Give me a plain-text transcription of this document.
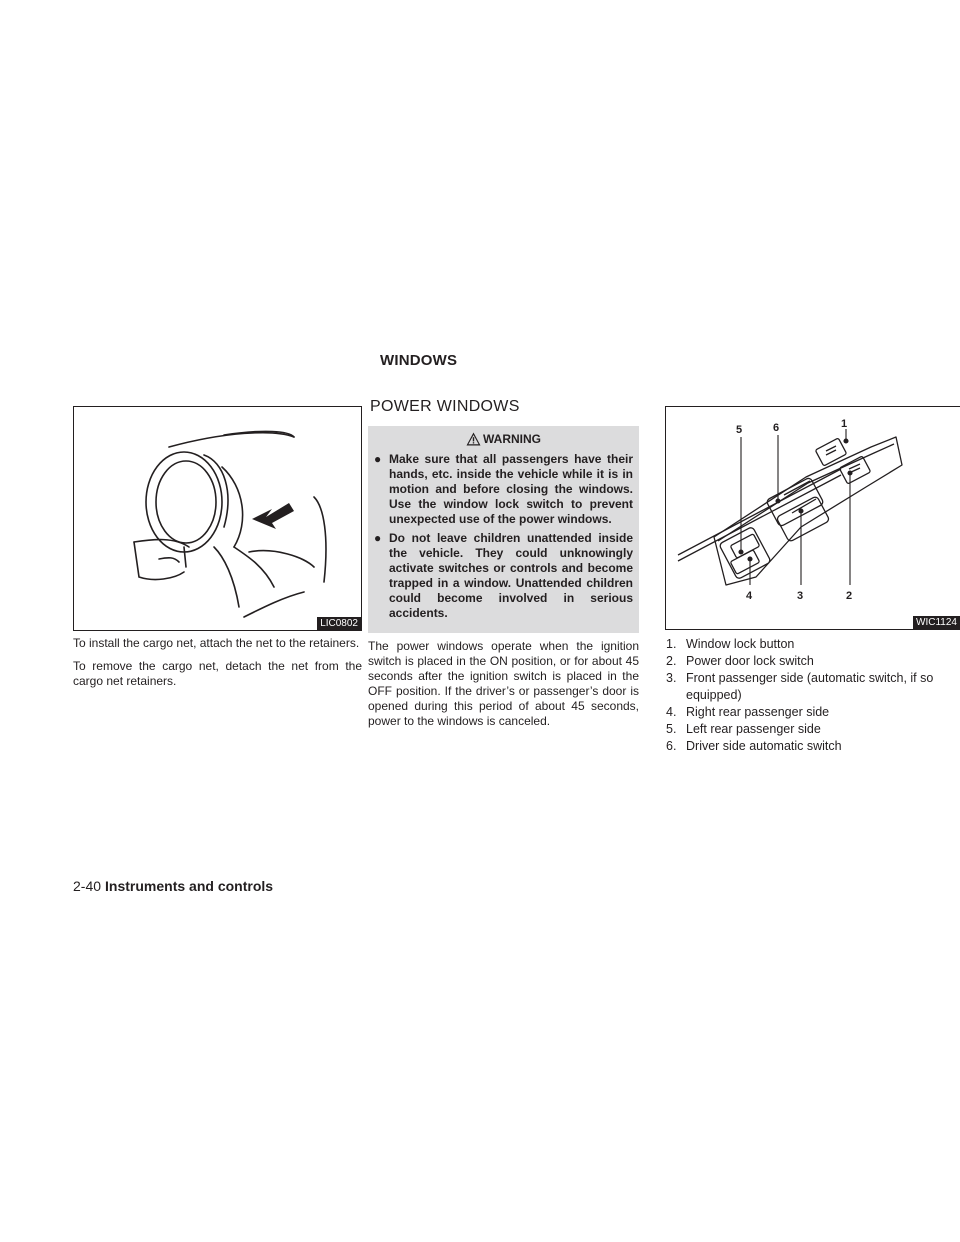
WINDOWS
LIC0802

To install the cargo net, attach the net to the retainers.

To remove the cargo net, detach the net from the cargo net retainers.

POWER WINDOWS
WARNING
● Make sure that all passengers have their hands, etc. inside the vehicle while it is in motion and before closing the windows. Use the window lock switch to prevent unexpected use of the power windows.
● Do not leave children unattended inside the vehicle. They could unknowingly activate switches or controls and become trapped in a window. Unattended children could become involved in serious accidents.

The power windows operate when the ignition switch is placed in the ON position, or for about 45 seconds after the ignition switch is placed in the OFF position. If the driver’s or passenger’s door is opened during this period of about 45 seconds, power to the windows is canceled.

1
2
3
4
5	6
WIC1124
1. Window lock button
2. Power door lock switch
3. Front passenger side (automatic switch, if so equipped)
4. Right rear passenger side
5. Left rear passenger side
6. Driver side automatic switch
2-40 Instruments and controls
